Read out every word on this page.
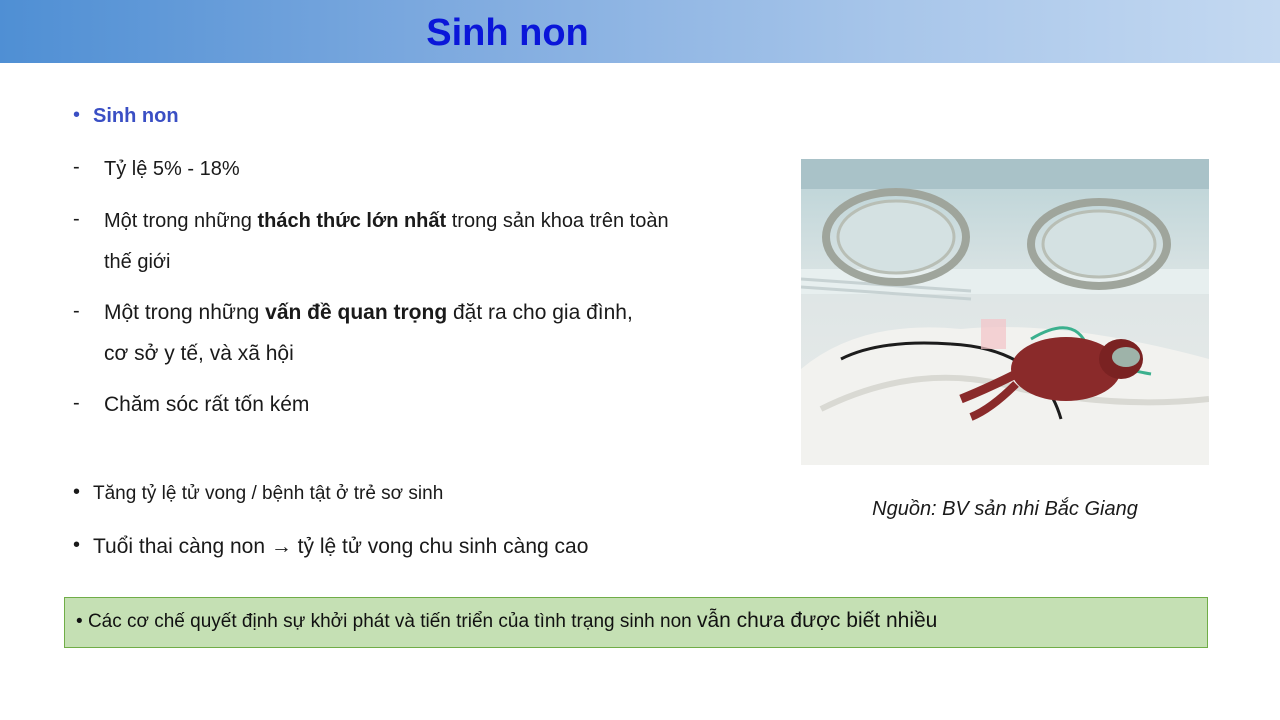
Sinh non
• Sinh non
- Tỷ lệ 5% - 18%
- Một trong những thách thức lớn nhất trong sản khoa trên toàn
thế giới
- Một trong những vấn đề quan trọng đặt ra cho gia đình,
cơ sở y tế, và xã hội
- Chăm sóc rất tốn kém
• Tăng tỷ lệ tử vong / bệnh tật ở trẻ sơ sinh
• Tuổi thai càng non → tỷ lệ tử vong chu sinh càng cao
Nguồn: BV sản nhi Bắc Giang
• Các cơ chế quyết định sự khởi phát và tiến triển của tình trạng sinh non vẫn chưa được biết nhiều
